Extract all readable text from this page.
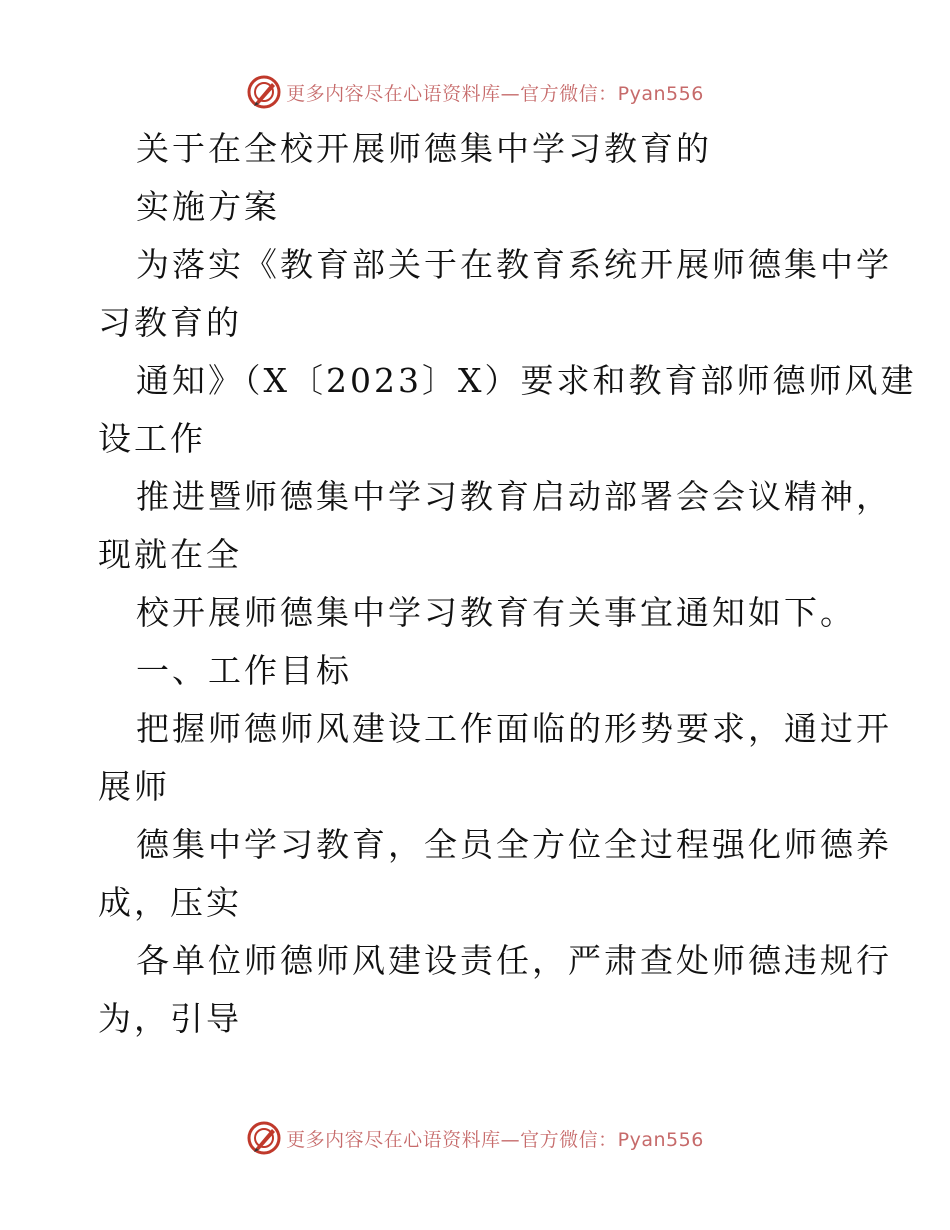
更多内容尽在心语资料库—官方微信：Pyan556

关于在全校开展师德集中学习教育的

实施方案

为落实《教育部关于在教育系统开展师德集中学

习教育的

通知》（X〔2023〕X）要求和教育部师德师风建

设工作

推进暨师德集中学习教育启动部署会会议精神，

现就在全

校开展师德集中学习教育有关事宜通知如下。

一、工作目标

把握师德师风建设工作面临的形势要求，通过开

展师

德集中学习教育，全员全方位全过程强化师德养

成，压实

各单位师德师风建设责任，严肃查处师德违规行

为，引导

更多内容尽在心语资料库—官方微信：Pyan556
